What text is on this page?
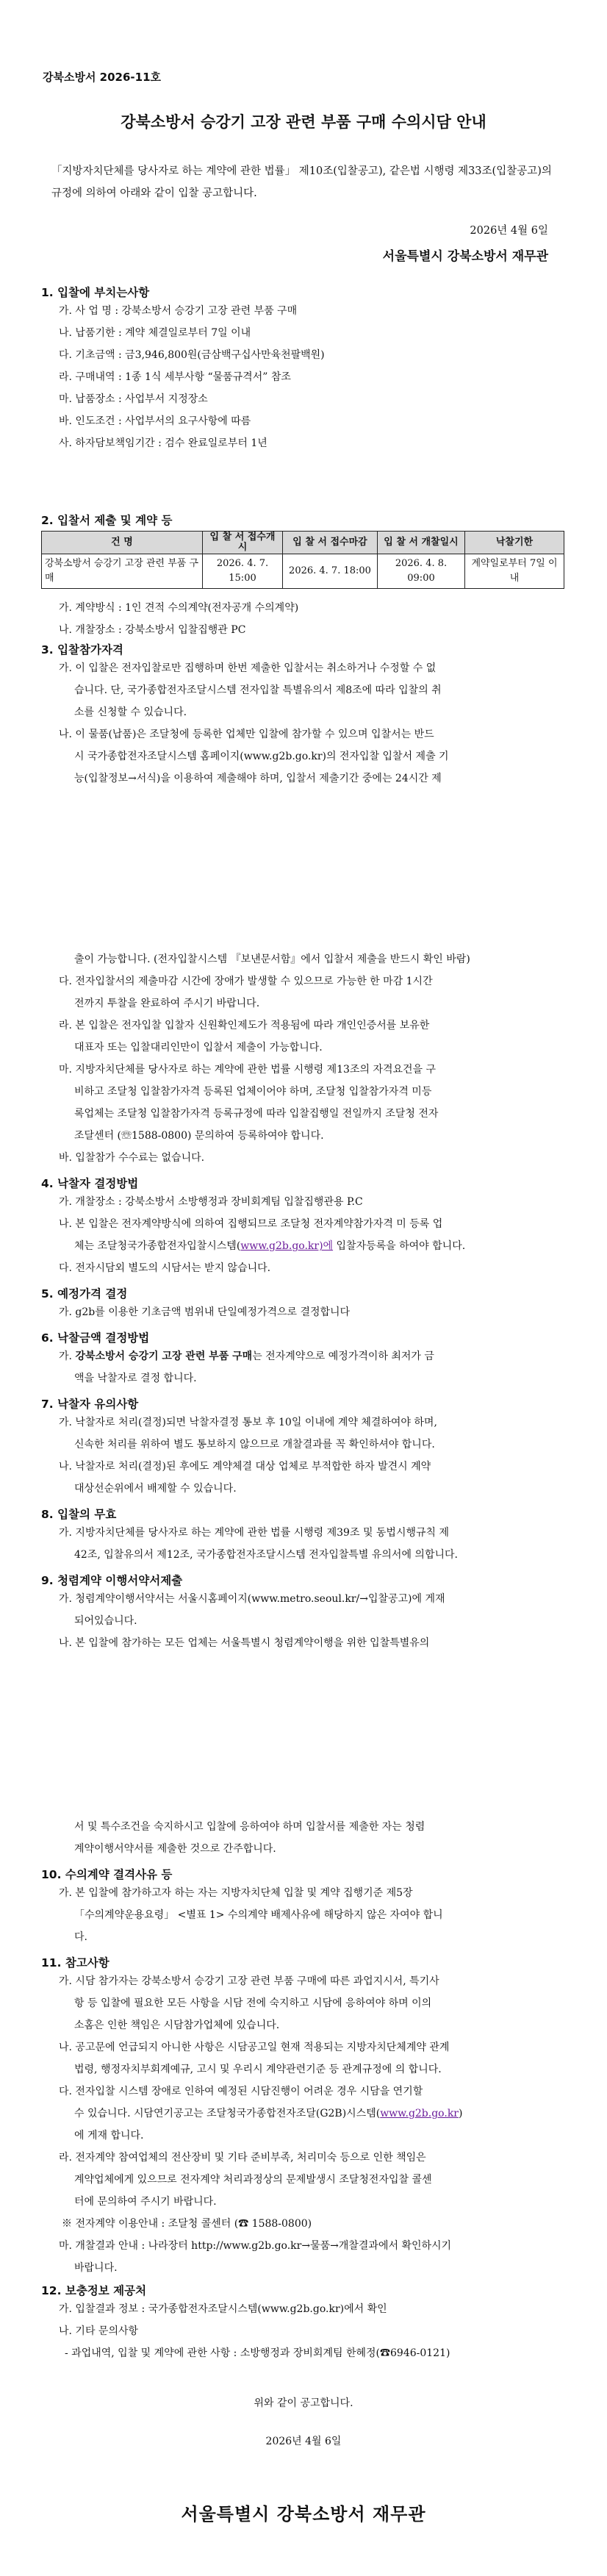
강북소방서 2026-11호
강북소방서 승강기 고장 관련 부품 구매 수의시담 안내
「지방자치단체를 당사자로 하는 계약에 관한 법률」 제10조(입찰공고), 같은법 시행령 제33조(입찰공고)의 규정에 의하여 아래와 같이 입찰 공고합니다.
2026년 4월 6일
서울특별시 강북소방서 재무관
1. 입찰에 부치는사항
가. 사 업 명 : 강북소방서 승강기 고장 관련 부품 구매
나. 납품기한 : 계약 체결일로부터 7일 이내
다. 기초금액 : 금3,946,800원(금삼백구십사만육천팔백원)
라. 구매내역 : 1종 1식 세부사항 “물품규격서” 참조
마. 납품장소 : 사업부서 지정장소
바. 인도조건 : 사업부서의 요구사항에 따름
사. 하자담보책임기간 : 검수 완료일로부터 1년
2. 입찰서 제출 및 계약 등
건 명	입 찰 서 접수개시	입 찰 서 접수마감	입 찰 서 개찰일시	낙찰기한
강북소방서 승강기 고장 관련 부품 구매	2026. 4. 7. 15:00	2026. 4. 7. 18:00	2026. 4. 8. 09:00	계약일로부터 7일 이내
가. 계약방식 : 1인 견적 수의계약(전자공개 수의계약)
나. 개찰장소 : 강북소방서 입찰집행관 PC
3. 입찰참가자격
가. 이 입찰은 전자입찰로만 집행하며 한번 제출한 입찰서는 취소하거나 수정할 수 없
습니다. 단, 국가종합전자조달시스템 전자입찰 특별유의서 제8조에 따라 입찰의 취
소를 신청할 수 있습니다.
나. 이 물품(납품)은 조달청에 등록한 업체만 입찰에 참가할 수 있으며 입찰서는 반드
시 국가종합전자조달시스템 홈페이지(www.g2b.go.kr)의 전자입찰 입찰서 제출 기
능(입찰정보→서식)을 이용하여 제출해야 하며, 입찰서 제출기간 중에는 24시간 제
출이 가능합니다. (전자입찰시스템 『보낸문서함』에서 입찰서 제출을 반드시 확인 바람)
다. 전자입찰서의 제출마감 시간에 장애가 발생할 수 있으므로 가능한 한 마감 1시간
전까지 투찰을 완료하여 주시기 바랍니다.
라. 본 입찰은 전자입찰 입찰자 신원확인제도가 적용됨에 따라 개인인증서를 보유한
대표자 또는 입찰대리인만이 입찰서 제출이 가능합니다.
마. 지방자치단체를 당사자로 하는 계약에 관한 법률 시행령 제13조의 자격요건을 구
비하고 조달청 입찰참가자격 등록된 업체이어야 하며, 조달청 입찰참가자격 미등
록업체는 조달청 입찰참가자격 등록규정에 따라 입찰집행일 전일까지 조달청 전자
조달센터 (☏1588-0800) 문의하여 등록하여야 합니다.
바. 입찰참가 수수료는 없습니다.
4. 낙찰자 결정방법
가. 개찰장소 : 강북소방서 소방행정과 장비회계팀 입찰집행관용 P.C
나. 본 입찰은 전자계약방식에 의하여 집행되므로 조달청 전자계약참가자격 미 등록 업
체는 조달청국가종합전자입찰시스템(www.g2b.go.kr)에 입찰자등록을 하여야 합니다.
다. 전자시담외 별도의 시담서는 받지 않습니다.
5. 예정가격 결정
가. g2b를 이용한 기초금액 범위내 단일예정가격으로 결정합니다
6. 낙찰금액 결정방법
가. 강북소방서 승강기 고장 관련 부품 구매는 전자계약으로 예정가격이하 최저가 금
액을 낙찰자로 결정 합니다.
7. 낙찰자 유의사항
가. 낙찰자로 처리(결정)되면 낙찰자결정 통보 후 10일 이내에 계약 체결하여야 하며,
신속한 처리를 위하여 별도 통보하지 않으므로 개찰결과를 꼭 확인하셔야 합니다.
나. 낙찰자로 처리(결정)된 후에도 계약체결 대상 업체로 부적합한 하자 발견시 계약
대상선순위에서 배제할 수 있습니다.
8. 입찰의 무효
가. 지방자치단체를 당사자로 하는 계약에 관한 법률 시행령 제39조 및 동법시행규칙 제
42조, 입찰유의서 제12조, 국가종합전자조달시스템 전자입찰특별 유의서에 의합니다.
9. 청렴계약 이행서약서제출
가. 청렴계약이행서약서는 서울시홈페이지(www.metro.seoul.kr/→입찰공고)에 게재
되어있습니다.
나. 본 입찰에 참가하는 모든 업체는 서울특별시 청렴계약이행을 위한 입찰특별유의
서 및 특수조건을 숙지하시고 입찰에 응하여야 하며 입찰서를 제출한 자는 청렴
계약이행서약서를 제출한 것으로 간주합니다.
10. 수의계약 결격사유 등
가. 본 입찰에 참가하고자 하는 자는 지방자치단체 입찰 및 계약 집행기준 제5장
「수의계약운용요령」 <별표 1> 수의계약 배제사유에 해당하지 않은 자여야 합니
다.
11. 참고사항
가. 시담 참가자는 강북소방서 승강기 고장 관련 부품 구매에 따른 과업지시서, 특기사
항 등 입찰에 필요한 모든 사항을 시담 전에 숙지하고 시담에 응하여야 하며 이의
소홈은 인한 책임은 시담참가업체에 있습니다.
나. 공고문에 언급되지 아니한 사항은 시담공고일 현재 적용되는 지방자치단체계약 관계
법령, 행정자치부회계예규, 고시 및 우리시 계약관련기준 등 관계규정에 의 합니다.
다. 전자입찰 시스템 장애로 인하여 예정된 시담진행이 어려운 경우 시담을 연기할
수 있습니다. 시담연기공고는 조달청국가종합전자조달(G2B)시스템(www.g2b.go.kr)
에 게재 합니다.
라. 전자계약 참여업체의 전산장비 및 기타 준비부족, 처리미숙 등으로 인한 책임은
계약업체에게 있으므로 전자계약 처리과정상의 문제발생시 조달청전자입찰 콜센
터에 문의하여 주시기 바랍니다.
※ 전자계약 이용안내 : 조달청 콜센터 (☎ 1588-0800)
마. 개찰결과 안내 : 나라장터 http://www.g2b.go.kr→물품→개찰결과에서 확인하시기
바랍니다.
12. 보충정보 제공처
가. 입찰결과 정보 : 국가종합전자조달시스템(www.g2b.go.kr)에서 확인
나. 기타 문의사항
- 과업내역, 입찰 및 계약에 관한 사항 : 소방행정과 장비회계팀 한혜정(☎6946-0121)
위와 같이 공고합니다.
2026년 4월 6일
서울특별시 강북소방서 재무관
